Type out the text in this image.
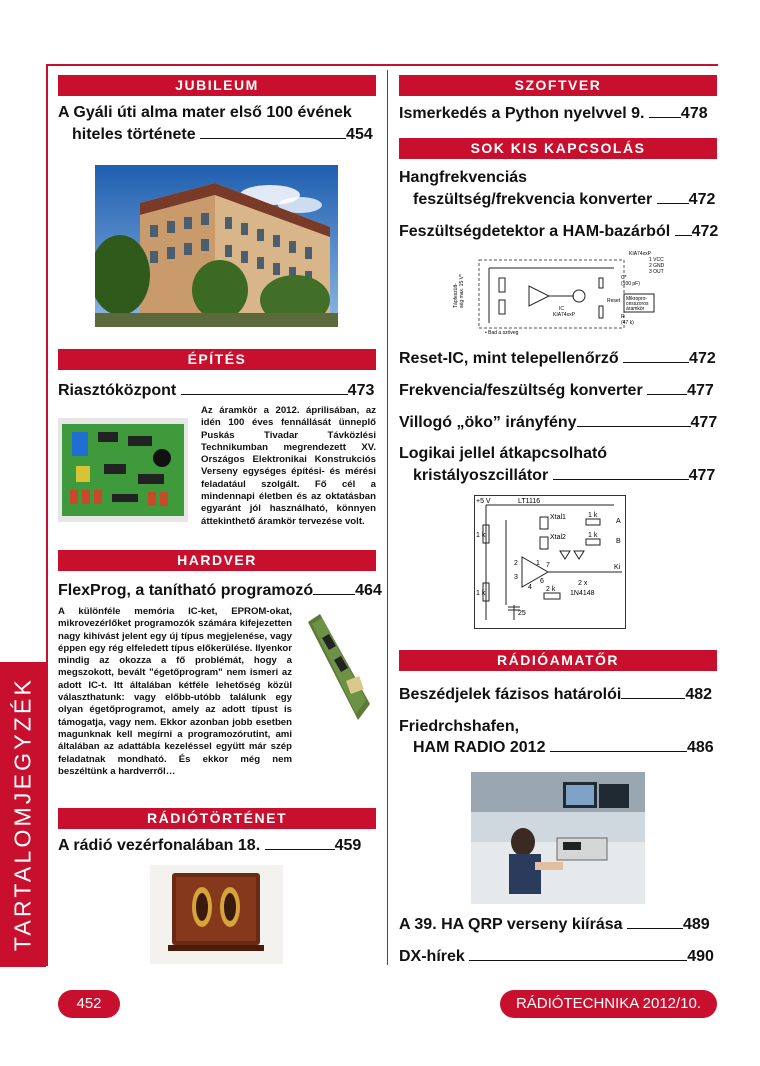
TARTALOMJEGYZÉK
JUBILEUM
A Gyáli úti alma mater első 100 évének
hiteles története	454
ÉPÍTÉS
Riasztóközpont	473
Az áramkör a 2012. áprilisában, az idén 100 éves fennállását ünneplő Puskás Tivadar Távközlési Technikumban megrendezett XV. Országos Elektronikai Konstrukciós Verseny egységes építési- és mérési feladatául szolgált. Fő cél a mindennapi életben és az oktatásban egyaránt jól használható, könnyen áttekinthető áramkör tervezése volt.
HARDVER
FlexProg, a tanítható programozó	464
A különféle memória IC-ket, EPROM-okat, mikrovezérlőket programozók számára kifejezetten nagy kihívást jelent egy új típus megjelenése, vagy éppen egy rég elfeledett típus előkerülése. Ilyenkor mindig az okozza a fő problémát, hogy a megszokott, bevált "égetőprogram" nem ismeri az adott IC-t. Itt általában kétféle lehetőség közül választhatunk: vagy előbb-utóbb találunk egy olyan égetőprogramot, amely az adott típust is támogatja, vagy nem. Ekkor azonban jobb esetben magunknak kell megírni a programozórutint, ami általában az adattábla kezeléssel együtt már szép feladatnak mondható. És ekkor még nem beszéltünk a hardverről…
RÁDIÓTÖRTÉNET
A rádió vezérfonalában 18.	459
SZOFTVER
Ismerkedés a Python nyelvvel 9. 478
SOK KIS KAPCSOLÁS
Hangfrekvenciás
feszültség/frekvencia konverter 472
Feszültségdetektor a HAM-bazárból 472
KIA74xxP
1 VCC
2 GND
3 OUT
C*
(100 pF)
Reset Mikropro-
cesszoros
áramkör
R
(47 k)
IC
KIA74xxP
Tápfeszült- ség max. 15 V*
• Bad a szöveg
Reset-IC, mint telepellenőrző	472
Frekvencia/feszültség konverter	477
Villogó „öko” irányfény	477
Logikai jellel átkapcsolható
kristályoszcillátor	477
+5 V	LT1116
Xtal1	1 k
A
1 k	Xtal2	1 k
B
2	1 7
3
6
4 2 k
2 x
1N4148
Ki
1 k
25
RÁDIÓAMATŐR
Beszédjelek fázisos határolói	482
Friedrchshafen,
HAM RADIO 2012	486
A 39. HA QRP verseny kiírása	489
DX-hírek	490
452	RÁDIÓTECHNIKA 2012/10.
